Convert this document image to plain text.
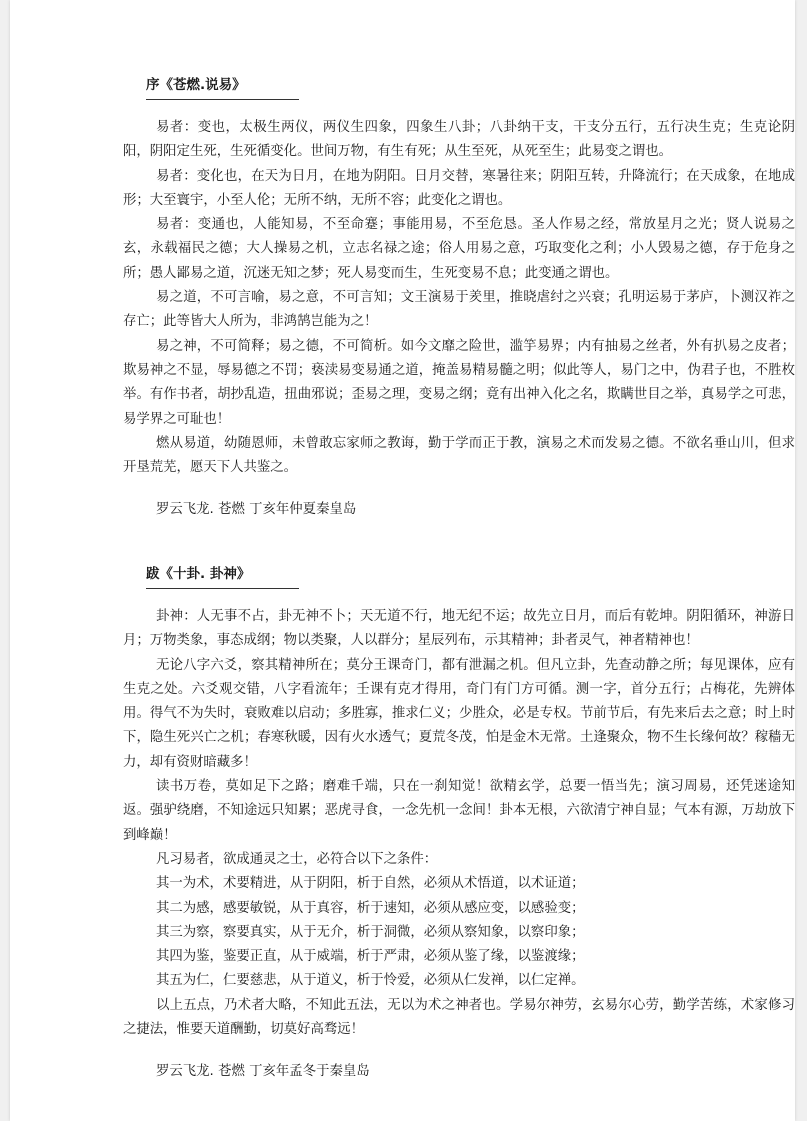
序《苍燃.说易》

易者：变也，太极生两仪，两仪生四象，四象生八卦；八卦纳干支，干支分五行，五行决生克；生克论阴阳，阴阳定生死，生死循变化。世间万物，有生有死；从生至死，从死至生；此易变之谓也。

易者：变化也，在天为日月，在地为阴阳。日月交替，寒暑往来；阴阳互转，升降流行；在天成象，在地成形；大至寰宇，小至人伦；无所不纳，无所不容；此变化之谓也。

易者：变通也，人能知易，不至命蹇；事能用易，不至危恳。圣人作易之经，常放星月之光；贤人说易之玄，永载福民之德；大人操易之机，立志名禄之途；俗人用易之意，巧取变化之利；小人毁易之德，存于危身之所；愚人鄙易之道，沉迷无知之梦；死人易变而生，生死变易不息；此变通之谓也。

易之道，不可言喻，易之意，不可言知；文王演易于羑里，推晓虐纣之兴衰；孔明运易于茅庐，卜测汉祚之存亡；此等皆大人所为，非鸿鹄岂能为之！

易之神，不可简释；易之德，不可简析。如今文靡之险世，滥竽易界；内有抽易之丝者，外有扒易之皮者；欺易神之不显，辱易德之不罚；亵渎易变易通之道，掩盖易精易髓之明；似此等人，易门之中，伪君子也，不胜枚举。有作书者，胡抄乱造，扭曲邪说；歪易之理，变易之纲；竟有出神入化之名，欺瞒世目之举，真易学之可悲，易学界之可耻也！

燃从易道，幼随恩师，未曾敢忘家师之教诲，勤于学而正于教，演易之术而发易之德。不欲名垂山川，但求开垦荒芜，愿天下人共鉴之。

罗云飞龙. 苍燃 丁亥年仲夏秦皇岛
跋《十卦. 卦神》

卦神：人无事不占，卦无神不卜；天无道不行，地无纪不运；故先立日月，而后有乾坤。阴阳循环，神游日月；万物类象，事态成纲；物以类聚，人以群分；星辰列布，示其精神；卦者灵气，神者精神也！

无论八字六爻，察其精神所在；莫分王课奇门，都有泄漏之机。但凡立卦，先查动静之所；每见课体，应有生克之处。六爻观交错，八字看流年；壬课有克才得用，奇门有门方可循。测一字，首分五行；占梅花，先辨体用。得气不为失时，衰败难以启动；多胜寡，推求仁义；少胜众，必是专权。节前节后，有先来后去之意；时上时下，隐生死兴亡之机；春寒秋暖，因有火水透气；夏荒冬茂，怕是金木无常。土逢聚众，物不生长缘何故？稼穑无力，却有资财暗藏多！

读书万卷，莫如足下之路；磨难千端，只在一刹知觉！欲精玄学，总要一悟当先；演习周易，还凭迷途知返。强驴绕磨，不知途远只知累；恶虎寻食，一念先机一念间！卦本无根，六欲清宁神自显；气本有源，万劫放下到峰巅！

凡习易者，欲成通灵之士，必符合以下之条件：

其一为术，术要精进，从于阴阳，析于自然，必须从术悟道，以术证道；

其二为感，感要敏锐，从于真容，析于速知，必须从感应变，以感验变；

其三为察，察要真实，从于无介，析于洞微，必须从察知象，以察印象；

其四为鉴，鉴要正直，从于威端，析于严肃，必须从鉴了缘，以鉴渡缘；

其五为仁，仁要慈悲，从于道义，析于怜爱，必须从仁发禅，以仁定禅。

以上五点，乃术者大略，不知此五法，无以为术之神者也。学易尔神劳，玄易尔心劳，勤学苦练，术家修习之捷法，惟要天道酬勤，切莫好高骛远！

罗云飞龙. 苍燃 丁亥年孟冬于秦皇岛
